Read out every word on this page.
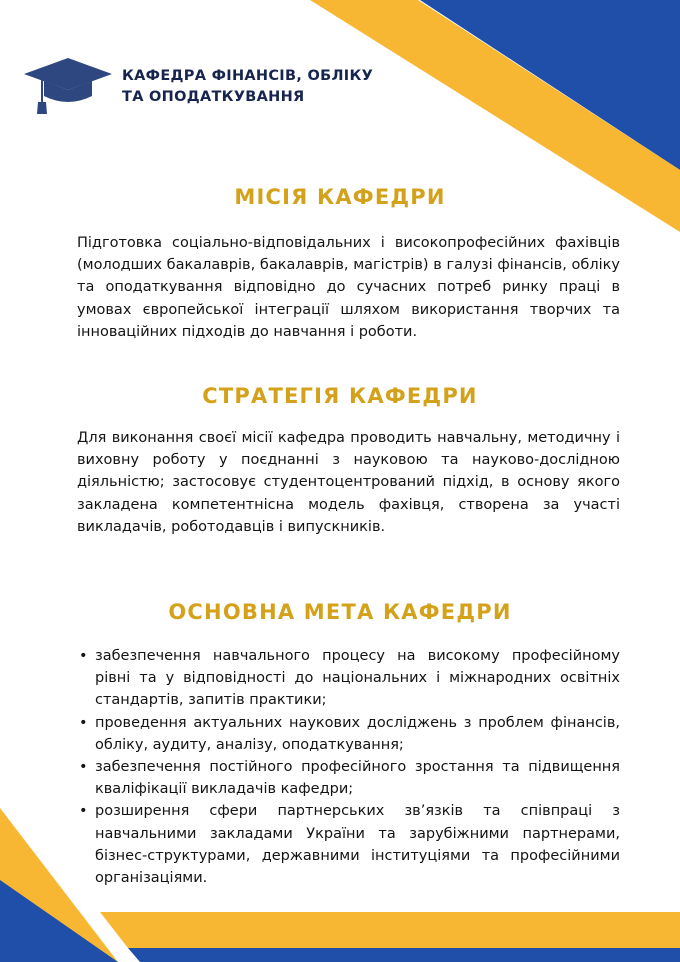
КАФЕДРА ФІНАНСІВ, ОБЛІКУ
ТА ОПОДАТКУВАННЯ
МІСІЯ КАФЕДРИ
Підготовка соціально-відповідальних і високопрофесійних фахівців (молодших бакалаврів, бакалаврів, магістрів) в галузі фінансів, обліку та оподаткування відповідно до сучасних потреб ринку праці в умовах європейської інтеграції шляхом використання творчих та інноваційних підходів до навчання і роботи.
СТРАТЕГІЯ КАФЕДРИ
Для виконання своєї місії кафедра проводить навчальну, методичну і виховну роботу у поєднанні з науковою та науково-дослідною діяльністю; застосовує студентоцентрований підхід, в основу якого закладена компетентнісна модель фахівця, створена за участі викладачів, роботодавців і випускників.
ОСНОВНА МЕТА КАФЕДРИ
• забезпечення навчального процесу на високому професійному рівні та у відповідності до національних і міжнародних освітніх стандартів, запитів практики;
• проведення актуальних наукових досліджень з проблем фінансів, обліку, аудиту, аналізу, оподаткування;
• забезпечення постійного професійного зростання та підвищення кваліфікації викладачів кафедри;
• розширення сфери партнерських зв’язків та співпраці з навчальними закладами України та зарубіжними партнерами, бізнес-структурами, державними інституціями та професійними організаціями.
